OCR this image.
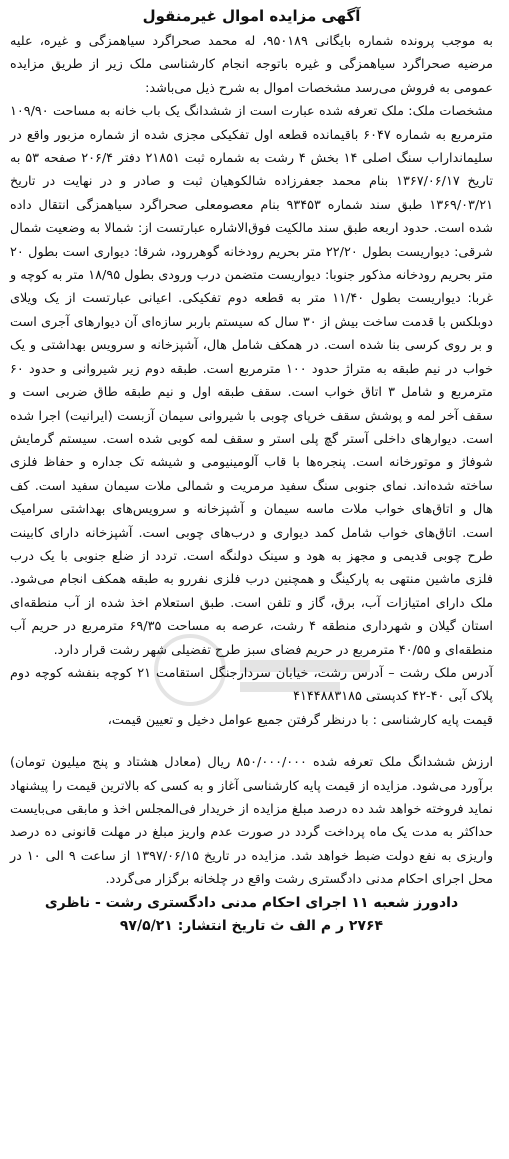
آگهی مزایده اموال غیرمنقول

به موجب پرونده شماره بایگانی ۹۵۰۱۸۹، له محمد صحراگرد سیاهمزگی و غیره، علیه مرضیه صحراگرد سیاهمزگی و غیره باتوجه انجام کارشناسی ملک زیر از طریق مزایده عمومی به فروش می‌رسد مشخصات اموال به شرح ذیل می‌باشد:

مشخصات ملک: ملک تعرفه شده عبارت است از ششدانگ یک باب خانه به مساحت ۱۰۹/۹۰ مترمربع به شماره ۶۰۴۷ باقیمانده قطعه اول تفکیکی مجزی شده از شماره مزبور واقع در سلیمانداراب سنگ اصلی ۱۴ بخش ۴ رشت به شماره ثبت ۲۱۸۵۱ دفتر ۲۰۶/۴ صفحه ۵۳ به تاریخ ۱۳۶۷/۰۶/۱۷ بنام محمد جعفرزاده شالکوهیان ثبت و صادر و در نهایت در تاریخ ۱۳۶۹/۰۳/۲۱ طبق سند شماره ۹۳۴۵۳ بنام معصومعلی صحراگرد سیاهمزگی انتقال داده شده است. حدود اربعه طبق سند مالکیت فوق‌الاشاره عبارتست از: شمالا به وضعیت شمال شرقی: دیواریست بطول ۲۲/۲۰ متر بحریم رودخانه گوهررود، شرقا: دیواری است بطول ۲۰ متر بحریم رودخانه مذکور جنوبا: دیواریست متضمن درب ورودی بطول ۱۸/۹۵ متر به کوچه و غربا: دیواریست بطول ۱۱/۴۰ متر به قطعه دوم تفکیکی. اعیانی عبارتست از یک ویلای دوبلکس با قدمت ساخت بیش از ۳۰ سال که سیستم باربر سازه‌ای آن دیوارهای آجری است و بر روی کرسی بنا شده است. در همکف شامل هال، آشپزخانه و سرویس بهداشتی و یک خواب در نیم طبقه به متراژ حدود ۱۰۰ مترمربع است. طبقه دوم زیر شیروانی و حدود ۶۰ مترمربع و شامل ۳ اتاق خواب است. سقف طبقه اول و نیم طبقه طاق ضربی است و سقف آخر لمه و پوشش سقف خرپای چوبی با شیروانی سیمان آزبست (ایرانیت) اجرا شده است. دیوارهای داخلی آستر گچ پلی استر و سقف لمه کوبی شده است. سیستم گرمایش شوفاژ و موتورخانه است. پنجره‌ها با قاب آلومینیومی و شیشه تک جداره و حفاظ فلزی ساخته شده‌اند. نمای جنوبی سنگ سفید مرمریت و شمالی ملات سیمان سفید است. کف هال و اتاق‌های خواب ملات ماسه سیمان و آشپزخانه و سرویس‌های بهداشتی سرامیک است. اتاق‌های خواب شامل کمد دیواری و درب‌های چوبی است. آشپزخانه دارای کابینت طرح چوبی قدیمی و مجهز به هود و سینک دولنگه است. تردد از ضلع جنوبی با یک درب فلزی ماشین منتهی به پارکینگ و همچنین درب فلزی نفررو به طبقه همکف انجام می‌شود. ملک دارای امتیازات آب، برق، گاز و تلفن است. طبق استعلام اخذ شده از آب منطقه‌ای استان گیلان و شهرداری منطقه ۴ رشت، عرصه به مساحت ۶۹/۳۵ مترمربع در حریم آب منطقه‌ای و ۴۰/۵۵ مترمربع در حریم فضای سبز طرح تفضیلی شهر رشت قرار دارد.

آدرس ملک رشت – آدرس رشت، خیابان سردارجنگل استقامت ۲۱ کوچه بنفشه کوچه دوم پلاک آبی ۴۰-۴۲ کدپستی ۴۱۴۴۸۸۳۱۸۵

قیمت پایه کارشناسی : با درنظر گرفتن جمیع عوامل دخیل و تعیین قیمت،

ارزش ششدانگ ملک تعرفه شده ۸۵۰/۰۰۰/۰۰۰ ریال (معادل هشتاد و پنج میلیون تومان) برآورد می‌شود. مزایده از قیمت پایه کارشناسی آغاز و به کسی که بالاترین قیمت را پیشنهاد نماید فروخته خواهد شد ده درصد مبلغ مزایده از خریدار فی‌المجلس اخذ و مابقی می‌بایست حداکثر به مدت یک ماه پرداخت گردد در صورت عدم واریز مبلغ در مهلت قانونی ده درصد واریزی به نفع دولت ضبط خواهد شد. مزایده در تاریخ ۱۳۹۷/۰۶/۱۵ از ساعت ۹ الی ۱۰ در محل اجرای احکام مدنی دادگستری رشت واقع در چلخانه برگزار می‌گردد.

دادورز شعبه ۱۱ اجرای احکام مدنی دادگستری رشت - ناظری

۲۷۶۴ ر م الف ث تاریخ انتشار: ۹۷/۵/۲۱
